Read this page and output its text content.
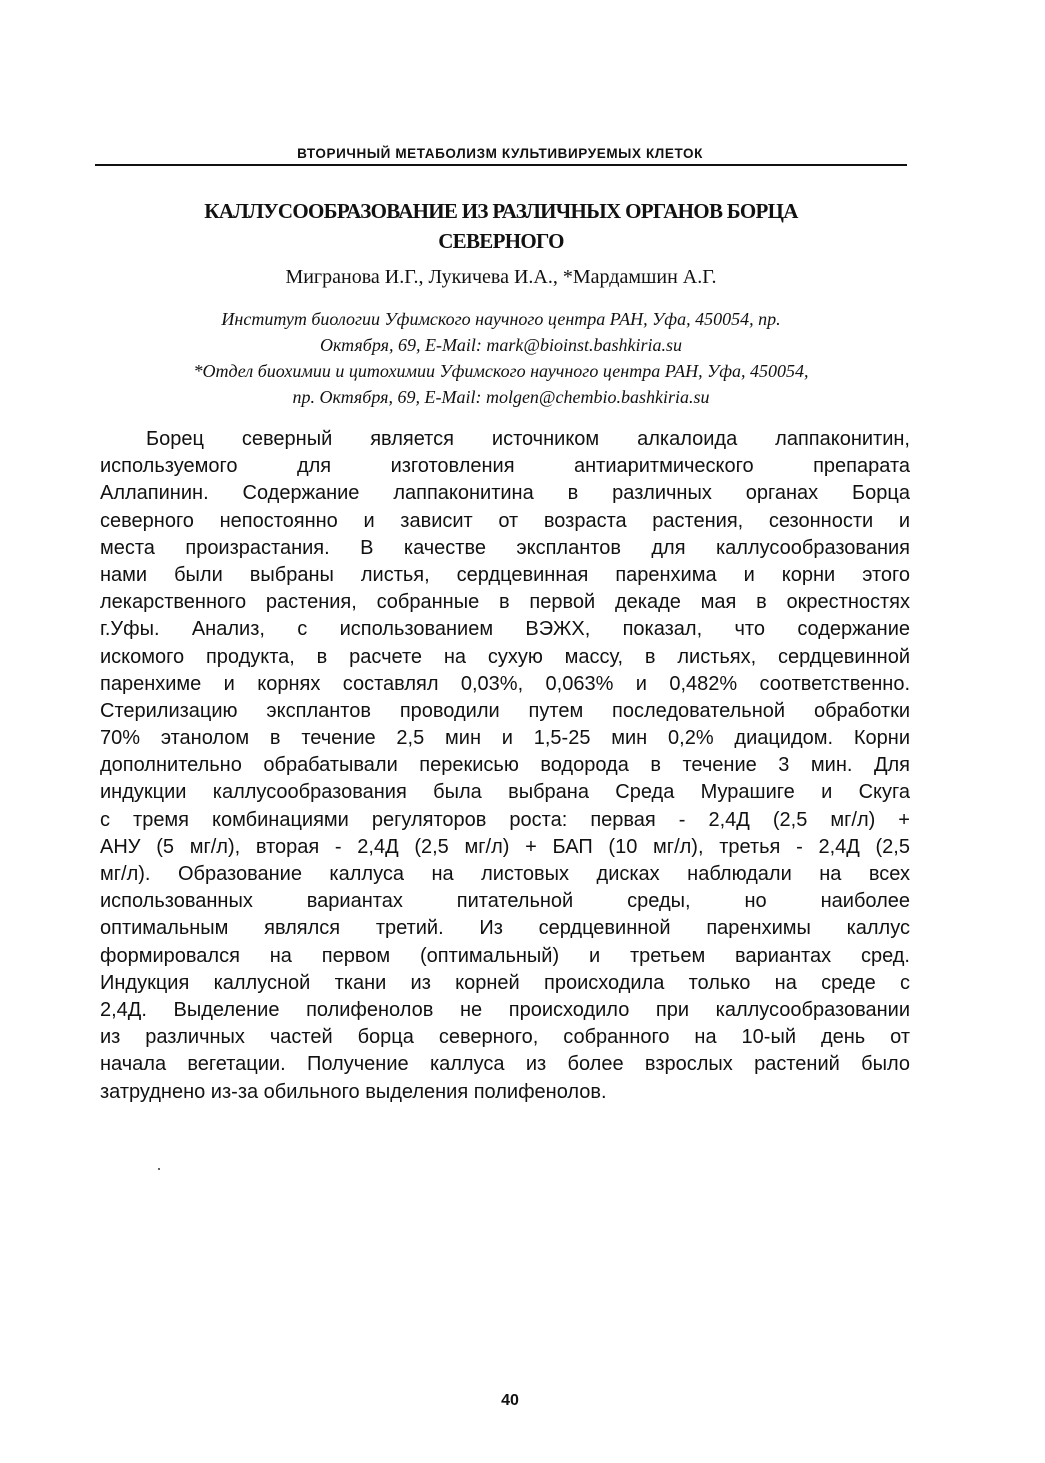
ВТОРИЧНЫЙ МЕТАБОЛИЗМ КУЛЬТИВИРУЕМЫХ КЛЕТОК
КАЛЛУСООБРАЗОВАНИЕ ИЗ РАЗЛИЧНЫХ ОРГАНОВ БОРЦА
СЕВЕРНОГО
Мигранова И.Г., Лукичева И.А., *Мардамшин А.Г.
Институт биологии Уфимского научного центра РАН, Уфа, 450054, пр.
Октября, 69, E-Mail: mark@bioinst.bashkiria.su
*Отдел биохимии и цитохимии Уфимского научного центра РАН, Уфа, 450054,
пр. Октября, 69, E-Mail: molgen@chembio.bashkiria.su
Борец северный является источником алкалоида лаппаконитин,
используемого для изготовления антиаритмического препарата
Аллапинин. Содержание лаппаконитина в различных органах Борца
северного непостоянно и зависит от возраста растения, сезонности и
места произрастания. В качестве эксплантов для каллусообразования
нами были выбраны листья, сердцевинная паренхима и корни этого
лекарственного растения, собранные в первой декаде мая в окрестностях
г.Уфы. Анализ, с использованием ВЭЖХ, показал, что содержание
искомого продукта, в расчете на сухую массу, в листьях, сердцевинной
паренхиме и корнях составлял 0,03%, 0,063% и 0,482% соответственно.
Стерилизацию эксплантов проводили путем последовательной обработки
70% этанолом в течение 2,5 мин и 1,5-25 мин 0,2% диацидом. Корни
дополнительно обрабатывали перекисью водорода в течение 3 мин. Для
индукции каллусообразования была выбрана Среда Мурашиге и Скуга
с тремя комбинациями регуляторов роста: первая - 2,4Д (2,5 мг/л) +
АНУ (5 мг/л), вторая - 2,4Д (2,5 мг/л) + БАП (10 мг/л), третья - 2,4Д (2,5
мг/л). Образование каллуса на листовых дисках наблюдали на всех
использованных вариантах питательной среды, но наиболее
оптимальным являлся третий. Из сердцевинной паренхимы каллус
формировался на первом (оптимальный) и третьем вариантах сред.
Индукция каллусной ткани из корней происходила только на среде с
2,4Д. Выделение полифенолов не происходило при каллусообразовании
из различных частей борца северного, собранного на 10-ый день от
начала вегетации. Получение каллуса из более взрослых растений было
затруднено из-за обильного выделения полифенолов.
40
